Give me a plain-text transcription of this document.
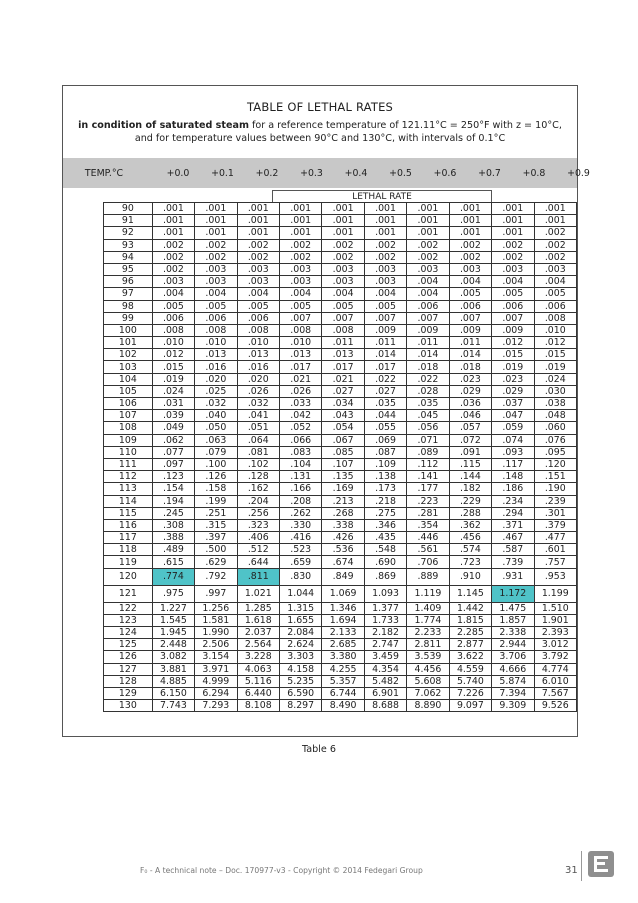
TABLE OF LETHAL RATES
in condition of saturated steam for a reference temperature of 121.11°C = 250°F with z = 10°C,
and for temperature values between 90°C and 130°C, with intervals of 0.1°C
TEMP.°C	+0.0	+0.1	+0.2	+0.3	+0.4	+0.5	+0.6	+0.7	+0.8	+0.9
LETHAL RATE
90	.001	.001	.001	.001	.001	.001	.001	.001	.001	.001
91	.001	.001	.001	.001	.001	.001	.001	.001	.001	.001
92	.001	.001	.001	.001	.001	.001	.001	.001	.001	.002
93	.002	.002	.002	.002	.002	.002	.002	.002	.002	.002
94	.002	.002	.002	.002	.002	.002	.002	.002	.002	.002
95	.002	.003	.003	.003	.003	.003	.003	.003	.003	.003
96	.003	.003	.003	.003	.003	.003	.004	.004	.004	.004
97	.004	.004	.004	.004	.004	.004	.004	.005	.005	.005
98	.005	.005	.005	.005	.005	.005	.006	.006	.006	.006
99	.006	.006	.006	.007	.007	.007	.007	.007	.007	.008
100	.008	.008	.008	.008	.008	.009	.009	.009	.009	.010
101	.010	.010	.010	.010	.011	.011	.011	.011	.012	.012
102	.012	.013	.013	.013	.013	.014	.014	.014	.015	.015
103	.015	.016	.016	.017	.017	.017	.018	.018	.019	.019
104	.019	.020	.020	.021	.021	.022	.022	.023	.023	.024
105	.024	.025	.026	.026	.027	.027	.028	.029	.029	.030
106	.031	.032	.032	.033	.034	.035	.035	.036	.037	.038
107	.039	.040	.041	.042	.043	.044	.045	.046	.047	.048
108	.049	.050	.051	.052	.054	.055	.056	.057	.059	.060
109	.062	.063	.064	.066	.067	.069	.071	.072	.074	.076
110	.077	.079	.081	.083	.085	.087	.089	.091	.093	.095
111	.097	.100	.102	.104	.107	.109	.112	.115	.117	.120
112	.123	.126	.128	.131	.135	.138	.141	.144	.148	.151
113	.154	.158	.162	.166	.169	.173	.177	.182	.186	.190
114	.194	.199	.204	.208	.213	.218	.223	.229	.234	.239
115	.245	.251	.256	.262	.268	.275	.281	.288	.294	.301
116	.308	.315	.323	.330	.338	.346	.354	.362	.371	.379
117	.388	.397	.406	.416	.426	.435	.446	.456	.467	.477
118	.489	.500	.512	.523	.536	.548	.561	.574	.587	.601
119	.615	.629	.644	.659	.674	.690	.706	.723	.739	.757
120	.774	.792	.811	.830	.849	.869	.889	.910	.931	.953
121	.975	.997	1.021	1.044	1.069	1.093	1.119	1.145	1.172	1.199
122	1.227	1.256	1.285	1.315	1.346	1.377	1.409	1.442	1.475	1.510
123	1.545	1.581	1.618	1.655	1.694	1.733	1.774	1.815	1.857	1.901
124	1.945	1.990	2.037	2.084	2.133	2.182	2.233	2.285	2.338	2.393
125	2.448	2.506	2.564	2.624	2.685	2.747	2.811	2.877	2.944	3.012
126	3.082	3.154	3.228	3.303	3.380	3.459	3.539	3.622	3.706	3.792
127	3.881	3.971	4.063	4.158	4.255	4.354	4.456	4.559	4.666	4.774
128	4.885	4.999	5.116	5.235	5.357	5.482	5.608	5.740	5.874	6.010
129	6.150	6.294	6.440	6.590	6.744	6.901	7.062	7.226	7.394	7.567
130	7.743	7.293	8.108	8.297	8.490	8.688	8.890	9.097	9.309	9.526
Table 6
F₀ - A technical note – Doc. 170977-v3 - Copyright © 2014 Fedegari Group	31
